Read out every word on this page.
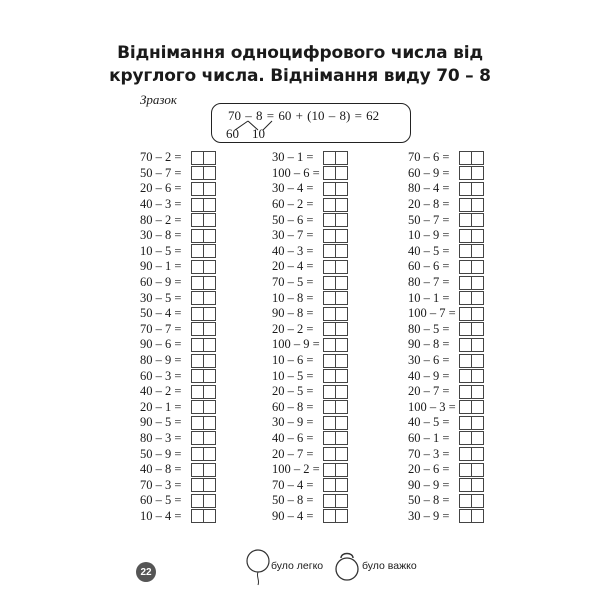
Віднімання одноцифрового числа від
круглого числа. Віднімання виду 70 – 8
Зразок
70 – 8 = 60 + (10 – 8) = 62
60 10
70 – 2 =
50 – 7 =
20 – 6 =
40 – 3 =
80 – 2 =
30 – 8 =
10 – 5 =
90 – 1 =
60 – 9 =
30 – 5 =
50 – 4 =
70 – 7 =
90 – 6 =
80 – 9 =
60 – 3 =
40 – 2 =
20 – 1 =
90 – 5 =
80 – 3 =
50 – 9 =
40 – 8 =
70 – 3 =
60 – 5 =
10 – 4 =
30 – 1 =
100 – 6 =
30 – 4 =
60 – 2 =
50 – 6 =
30 – 7 =
40 – 3 =
20 – 4 =
70 – 5 =
10 – 8 =
90 – 8 =
20 – 2 =
100 – 9 =
10 – 6 =
10 – 5 =
20 – 5 =
60 – 8 =
30 – 9 =
40 – 6 =
20 – 7 =
100 – 2 =
70 – 4 =
50 – 8 =
90 – 4 =
70 – 6 =
60 – 9 =
80 – 4 =
20 – 8 =
50 – 7 =
10 – 9 =
40 – 5 =
60 – 6 =
80 – 7 =
10 – 1 =
100 – 7 =
80 – 5 =
90 – 8 =
30 – 6 =
40 – 9 =
20 – 7 =
100 – 3 =
40 – 5 =
60 – 1 =
70 – 3 =
20 – 6 =
90 – 9 =
50 – 8 =
30 – 9 =
22	було легко	було важко
